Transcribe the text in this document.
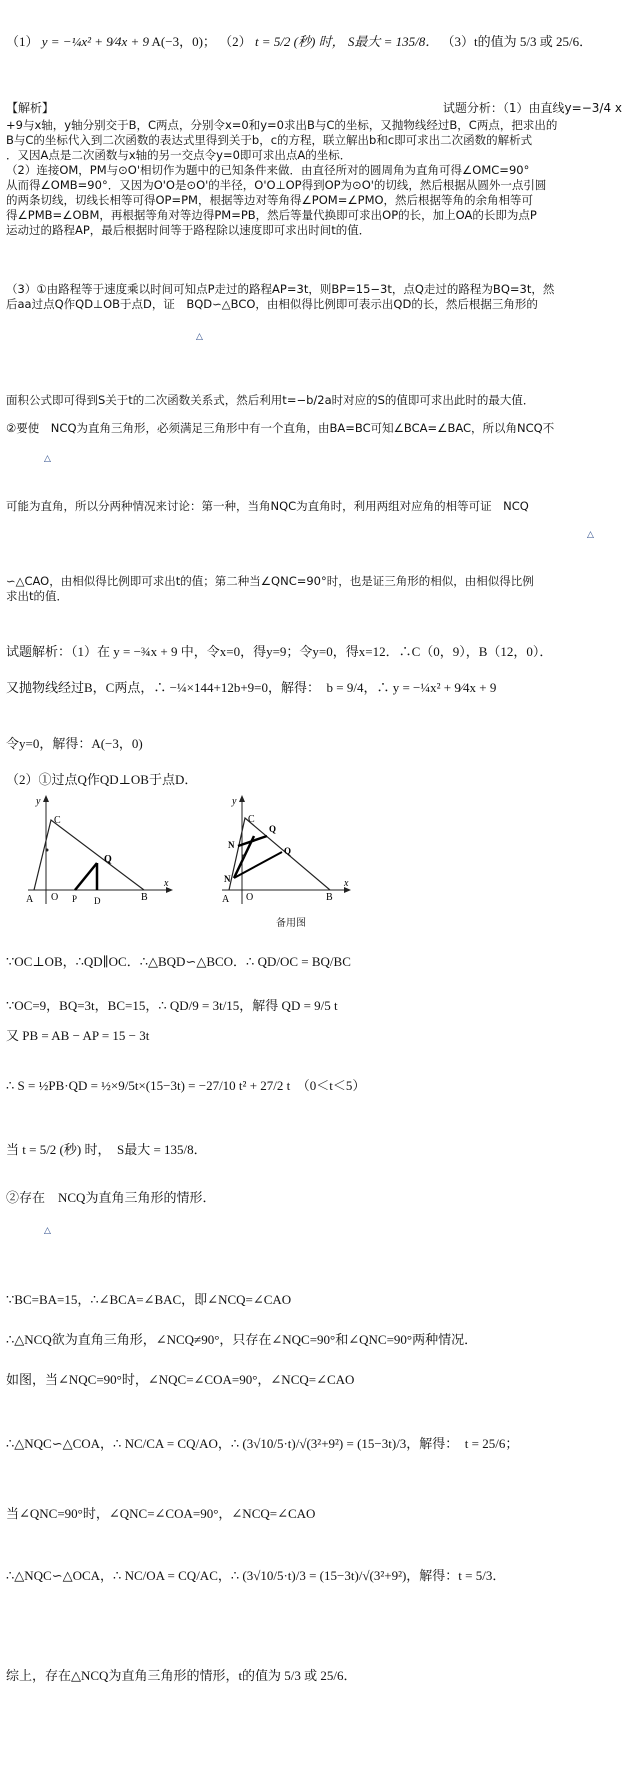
（1） y = −¼x² + 9⁄4x + 9 A(−3，0)； （2） t = 5/2 (秒) 时， S最大 = 135/8． （3）t的值为 5/3 或 25/6．
【解析】	试题分析：（1）由直线y=−3/4 x
+9与x轴，y轴分别交于B，C两点，分别令x=0和y=0求出B与C的坐标，又抛物线经过B，C两点，把求出的
B与C的坐标代入到二次函数的表达式里得到关于b，c的方程，联立解出b和c即可求出二次函数的解析式
．又因A点是二次函数与x轴的另一交点令y=0即可求出点A的坐标．
（2）连接OM，PM与⊙O'相切作为题中的已知条件来做．由直径所对的圆周角为直角可得∠OMC=90°
从而得∠OMB=90°．又因为O'O是⊙O'的半径，O'O⊥OP得到OP为⊙O'的切线，然后根据从圆外一点引圆
的两条切线，切线长相等可得OP=PM，根据等边对等角得∠POM=∠PMO，然后根据等角的余角相等可
得∠PMB=∠OBM，再根据等角对等边得PM=PB，然后等量代换即可求出OP的长，加上OA的长即为点P
运动过的路程AP，最后根据时间等于路程除以速度即可求出时间t的值．
（3）①由路程等于速度乘以时间可知点P走过的路程AP=3t，则BP=15−3t，点Q走过的路程为BQ=3t，然
后aa过点Q作QD⊥OB于点D，证　BQD∽△BCO，由相似得比例即可表示出QD的长，然后根据三角形的
△
面积公式即可得到S关于t的二次函数关系式，然后利用t=−b/2a时对应的S的值即可求出此时的最大值．
②要使　NCQ为直角三角形，必须满足三角形中有一个直角，由BA=BC可知∠BCA=∠BAC，所以角NCQ不
△
可能为直角，所以分两种情况来讨论：第一种，当角NQC为直角时，利用两组对应角的相等可证　NCQ
△
∽△CAO，由相似得比例即可求出t的值；第二种当∠QNC=90°时，也是证三角形的相似，由相似得比例
求出t的值．
试题解析：（1）在 y = −¾x + 9 中，令x=0，得y=9；令y=0，得x=12．∴C（0，9），B（12，0）．
又抛物线经过B，C两点，∴ −¼×144+12b+9=0，解得：　b = 9/4，∴ y = −¼x² + 9⁄4x + 9
令y=0，解得：A(−3，0)
（2）①过点Q作QD⊥OB于点D．
y
C
Q
A O P D	B
x
y
C
N
Q
N
Q
A O	B
x
备用图
∵OC⊥OB，∴QD∥OC．∴△BQD∽△BCO．∴ QD/OC = BQ/BC
∵OC=9，BQ=3t，BC=15，∴ QD/9 = 3t/15，解得 QD = 9/5 t
又 PB = AB − AP = 15 − 3t
∴ S = ½PB·QD = ½×9/5t×(15−3t) = −27/10 t² + 27/2 t　（0＜t＜5）
当 t = 5/2 (秒) 时，　S最大 = 135/8．
②存在　NCQ为直角三角形的情形．
△
∵BC=BA=15，∴∠BCA=∠BAC，即∠NCQ=∠CAO
∴△NCQ欲为直角三角形，∠NCQ≠90°，只存在∠NQC=90°和∠QNC=90°两种情况．
如图，当∠NQC=90°时，∠NQC=∠COA=90°，∠NCQ=∠CAO
∴△NQC∽△COA，∴ NC/CA = CQ/AO，∴ (3√10/5·t)/√(3²+9²) = (15−3t)/3，解得：　t = 25/6；
当∠QNC=90°时，∠QNC=∠COA=90°，∠NCQ=∠CAO
∴△NQC∽△OCA，∴ NC/OA = CQ/AC，∴ (3√10/5·t)/3 = (15−3t)/√(3²+9²)，解得：t = 5/3．
综上，存在△NCQ为直角三角形的情形，t的值为 5/3 或 25/6．
